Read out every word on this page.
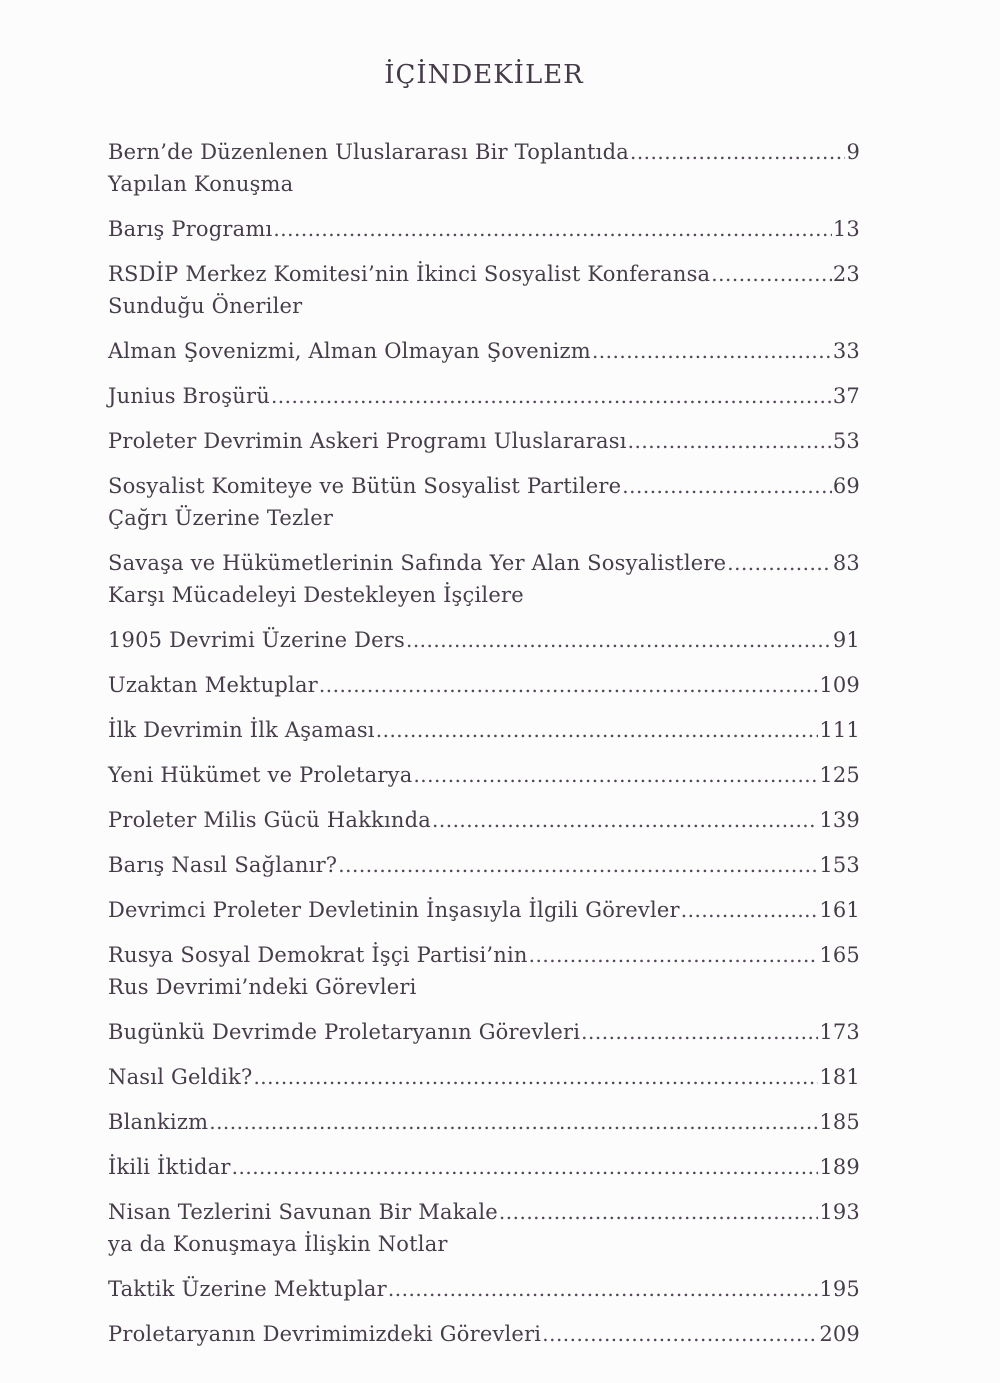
İÇİNDEKİLER
Bern’de Düzenlenen Uluslararası Bir Toplantıda .....	9
Yapılan Konuşma
Barış Programı .....	13
RSDİP Merkez Komitesi’nin İkinci Sosyalist Konferansa .....	23
Sunduğu Öneriler
Alman Şovenizmi, Alman Olmayan Şovenizm .....	33
Junius Broşürü .....	37
Proleter Devrimin Askeri Programı Uluslararası .....	53
Sosyalist Komiteye ve Bütün Sosyalist Partilere .....	69
Çağrı Üzerine Tezler
Savaşa ve Hükümetlerinin Safında Yer Alan Sosyalistlere .....	83
Karşı Mücadeleyi Destekleyen İşçilere
1905 Devrimi Üzerine Ders .....	91
Uzaktan Mektuplar .....	109
İlk Devrimin İlk Aşaması .....	111
Yeni Hükümet ve Proletarya .....	125
Proleter Milis Gücü Hakkında .....	139
Barış Nasıl Sağlanır? .....	153
Devrimci Proleter Devletinin İnşasıyla İlgili Görevler .....	161
Rusya Sosyal Demokrat İşçi Partisi’nin .....	165
Rus Devrimi’ndeki Görevleri
Bugünkü Devrimde Proletaryanın Görevleri .....	173
Nasıl Geldik? .....	181
Blankizm .....	185
İkili İktidar .....	189
Nisan Tezlerini Savunan Bir Makale .....	193
ya da Konuşmaya İlişkin Notlar
Taktik Üzerine Mektuplar .....	195
Proletaryanın Devrimimizdeki Görevleri .....	209
